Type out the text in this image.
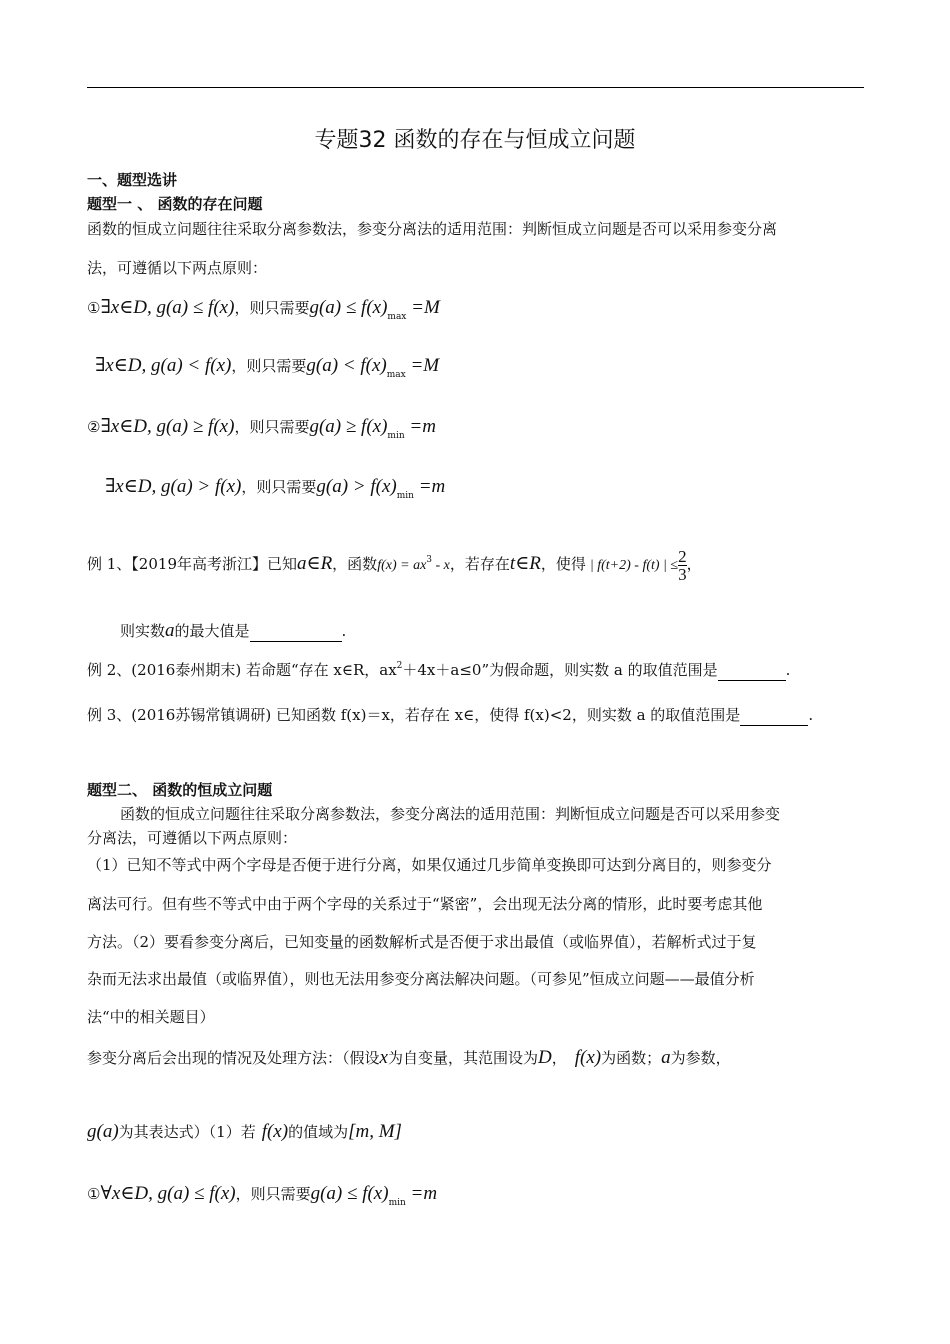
专题32 函数的存在与恒成立问题
一、题型选讲
题型一 、 函数的存在问题
函数的恒成立问题往往采取分离参数法，参变分离法的适用范围：判断恒成立问题是否可以采用参变分离
法，可遵循以下两点原则：
①∃x∈D, g(a) ≤ f(x)，则只需要$g(a) \le f(x)_{max} =M$
∃x∈D, g(a) < f(x)，则只需要$g(a) < f(x)_{max} =M$
②∃x∈D, g(a) ≥ f(x)，则只需要$g(a) \ge f(x)_{min} =m$
∃x∈D, g(a) > f(x)，则只需要$g(a) > f(x)_{min} =m$
例 1、【2019年高考浙江】已知a∈R，函数$f(x) = ax^3 - x$，若存在t∈R，使得 | f(t+2) - f(t) | ≤ $\frac{2}{3}$ ，
则实数a的最大值是	.
例 2、(2016泰州期末) 若命题“存在 x∈R，$ax^2+4x+a\le 0$”为假命题，则实数 a 的取值范围是	.
例 3、(2016苏锡常镇调研) 已知函数 f(x)＝x，若存在 x∈，使得 f(x)<2，则实数 a 的取值范围是	.
题型二、 函数的恒成立问题
函数的恒成立问题往往采取分离参数法，参变分离法的适用范围：判断恒成立问题是否可以采用参变
分离法，可遵循以下两点原则：
（1）已知不等式中两个字母是否便于进行分离，如果仅通过几步简单变换即可达到分离目的，则参变分
离法可行。但有些不等式中由于两个字母的关系过于“紧密”，会出现无法分离的情形，此时要考虑其他
方法。（2）要看参变分离后，已知变量的函数解析式是否便于求出最值（或临界值），若解析式过于复
杂而无法求出最值（或临界值），则也无法用参变分离法解决问题。（可参见”恒成立问题——最值分析
法“中的相关题目）
参变分离后会出现的情况及处理方法：（假设x为自变量，其范围设为D， f(x)为函数；a为参数，
g(a)为其表达式）（1）若 f(x)的值域为[m, M]
①∀x∈D, g(a) ≤ f(x)，则只需要$g(a) \le f(x)_{min} =m$
